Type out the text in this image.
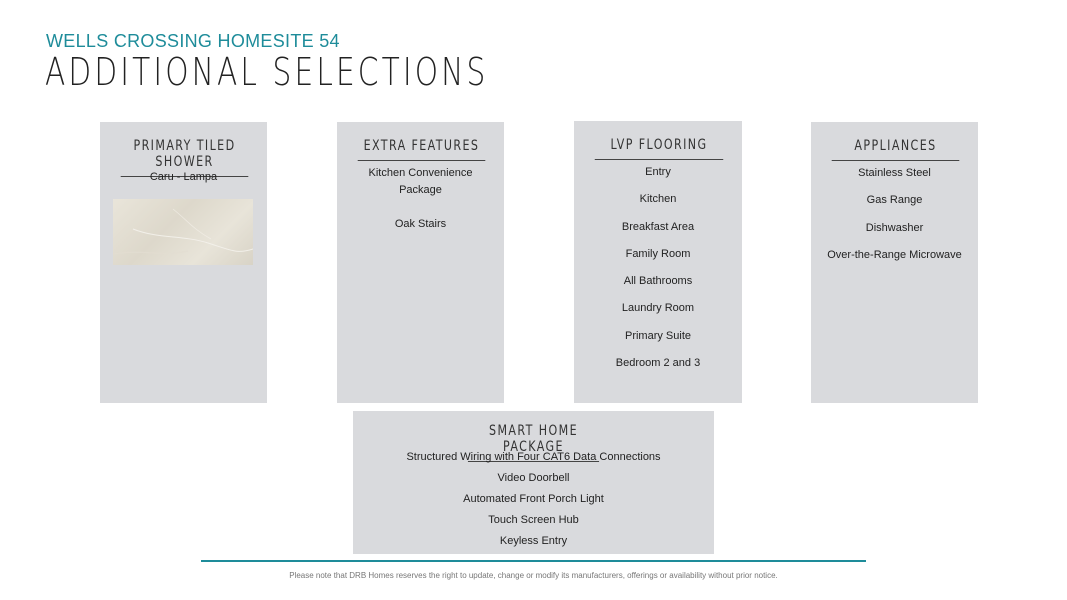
WELLS CROSSING HOMESITE 54
ADDITIONAL SELECTIONS
PRIMARY TILED SHOWER
Caru - Lampa
EXTRA FEATURES
Kitchen Convenience Package
Oak Stairs
LVP FLOORING
Entry
Kitchen
Breakfast Area
Family Room
All Bathrooms
Laundry Room
Primary Suite
Bedroom 2 and 3
APPLIANCES
Stainless Steel
Gas Range
Dishwasher
Over-the-Range Microwave
SMART HOME PACKAGE
Structured Wiring with Four CAT6 Data Connections
Video Doorbell
Automated Front Porch Light
Touch Screen Hub
Keyless Entry
Please note that DRB Homes reserves the right to update, change or modify its manufacturers, offerings or availability without prior notice.
